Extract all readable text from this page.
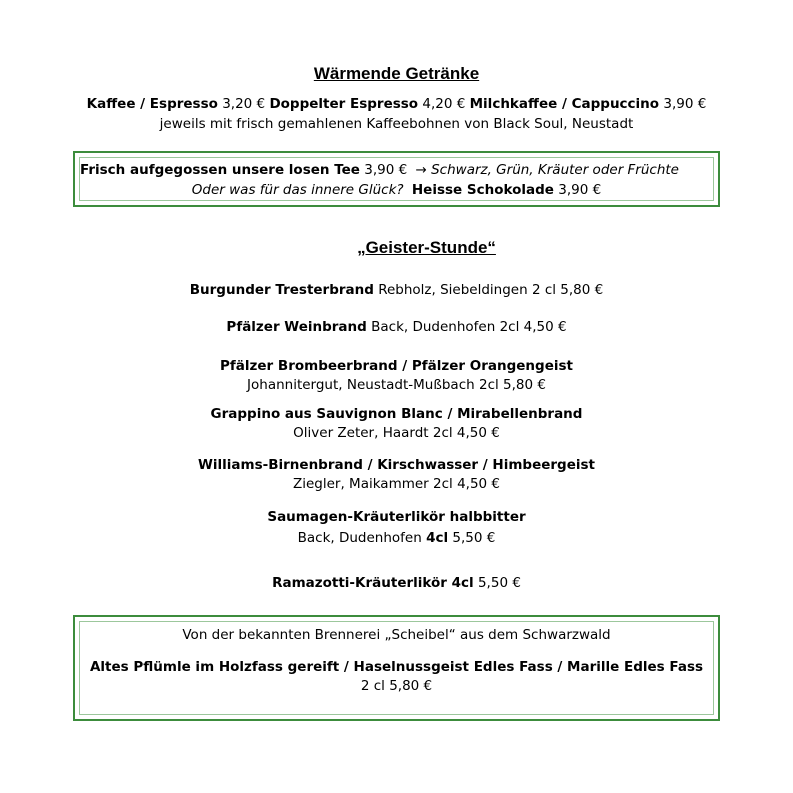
Wärmende Getränke
Kaffee / Espresso 3,20 € Doppelter Espresso 4,20 € Milchkaffee / Cappuccino 3,90 €
jeweils mit frisch gemahlenen Kaffeebohnen von Black Soul, Neustadt
Frisch aufgegossen unsere losen Tee 3,90 € → Schwarz, Grün, Kräuter oder Früchte
Oder was für das innere Glück? Heisse Schokolade 3,90 €
„Geister-Stunde“
Burgunder Tresterbrand Rebholz, Siebeldingen 2 cl 5,80 €
Pfälzer Weinbrand Back, Dudenhofen 2cl 4,50 €
Pfälzer Brombeerbrand / Pfälzer Orangengeist
Johannitergut, Neustadt-Mußbach 2cl 5,80 €
Grappino aus Sauvignon Blanc / Mirabellenbrand
Oliver Zeter, Haardt 2cl 4,50 €
Williams-Birnenbrand / Kirschwasser / Himbeergeist
Ziegler, Maikammer 2cl 4,50 €
Saumagen-Kräuterlikör halbbitter
Back, Dudenhofen 4cl 5,50 €
Ramazotti-Kräuterlikör 4cl 5,50 €
Von der bekannten Brennerei „Scheibel“ aus dem Schwarzwald
Altes Pflümle im Holzfass gereift / Haselnussgeist Edles Fass / Marille Edles Fass
2 cl 5,80 €
